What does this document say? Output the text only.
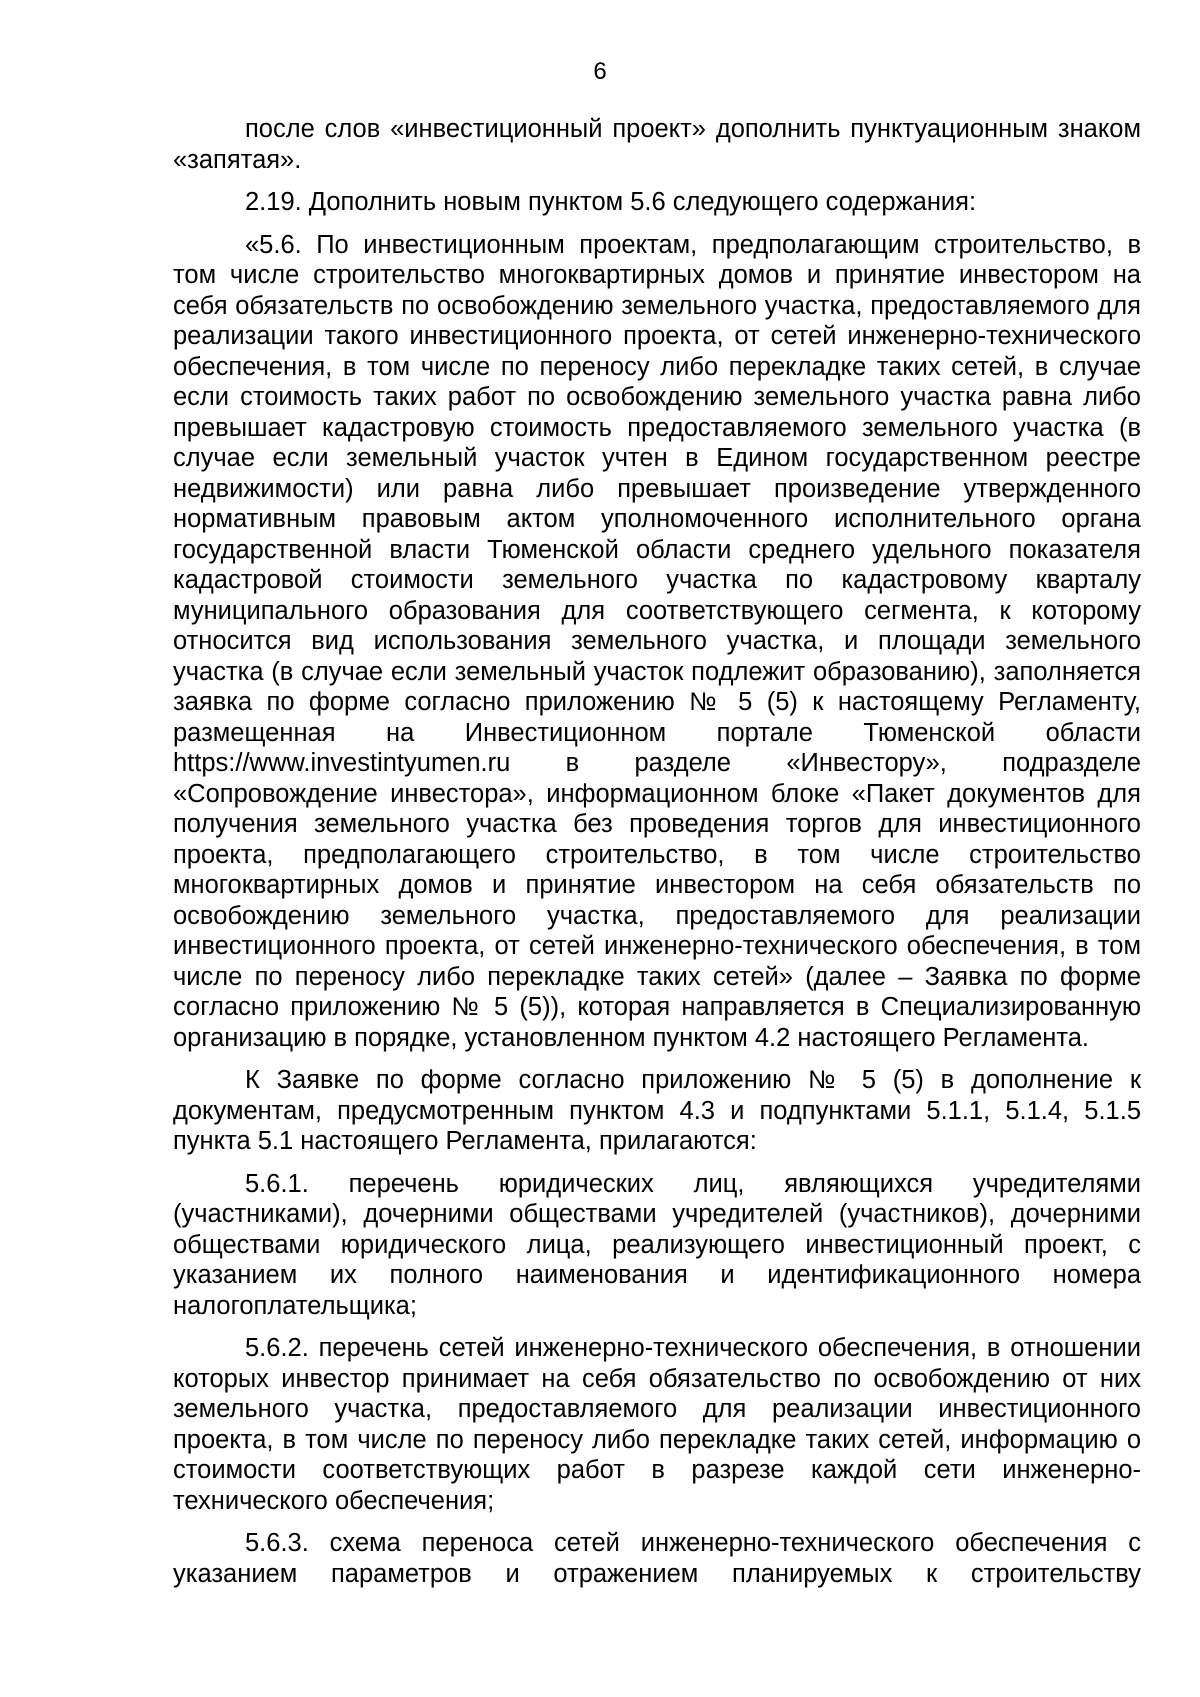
6

после слов «инвестиционный проект» дополнить пунктуационным знаком «запятая».

2.19. Дополнить новым пунктом 5.6 следующего содержания:

«5.6. По инвестиционным проектам, предполагающим строительство, в том числе строительство многоквартирных домов и принятие инвестором на себя обязательств по освобождению земельного участка, предоставляемого для реализации такого инвестиционного проекта, от сетей инженерно-технического обеспечения, в том числе по переносу либо перекладке таких сетей, в случае если стоимость таких работ по освобождению земельного участка равна либо превышает кадастровую стоимость предоставляемого земельного участка (в случае если земельный участок учтен в Едином государственном реестре недвижимости) или равна либо превышает произведение утвержденного нормативным правовым актом уполномоченного исполнительного органа государственной власти Тюменской области среднего удельного показателя кадастровой стоимости земельного участка по кадастровому кварталу муниципального образования для соответствующего сегмента, к которому относится вид использования земельного участка, и площади земельного участка (в случае если земельный участок подлежит образованию), заполняется заявка по форме согласно приложению № 5 (5) к настоящему Регламенту, размещенная на Инвестиционном портале Тюменской области https://www.investintyumen.ru в разделе «Инвестору», подразделе «Сопровождение инвестора», информационном блоке «Пакет документов для получения земельного участка без проведения торгов для инвестиционного проекта, предполагающего строительство, в том числе строительство многоквартирных домов и принятие инвестором на себя обязательств по освобождению земельного участка, предоставляемого для реализации инвестиционного проекта, от сетей инженерно-технического обеспечения, в том числе по переносу либо перекладке таких сетей» (далее – Заявка по форме согласно приложению № 5 (5)), которая направляется в Специализированную организацию в порядке, установленном пунктом 4.2 настоящего Регламента.

К Заявке по форме согласно приложению № 5 (5) в дополнение к документам, предусмотренным пунктом 4.3 и подпунктами 5.1.1, 5.1.4, 5.1.5 пункта 5.1 настоящего Регламента, прилагаются:

5.6.1. перечень юридических лиц, являющихся учредителями (участниками), дочерними обществами учредителей (участников), дочерними обществами юридического лица, реализующего инвестиционный проект, с указанием их полного наименования и идентификационного номера налогоплательщика;

5.6.2. перечень сетей инженерно-технического обеспечения, в отношении которых инвестор принимает на себя обязательство по освобождению от них земельного участка, предоставляемого для реализации инвестиционного проекта, в том числе по переносу либо перекладке таких сетей, информацию о стоимости соответствующих работ в разрезе каждой сети инженерно-технического обеспечения;

5.6.3. схема переноса сетей инженерно-технического обеспечения с указанием параметров и отражением планируемых к строительству
